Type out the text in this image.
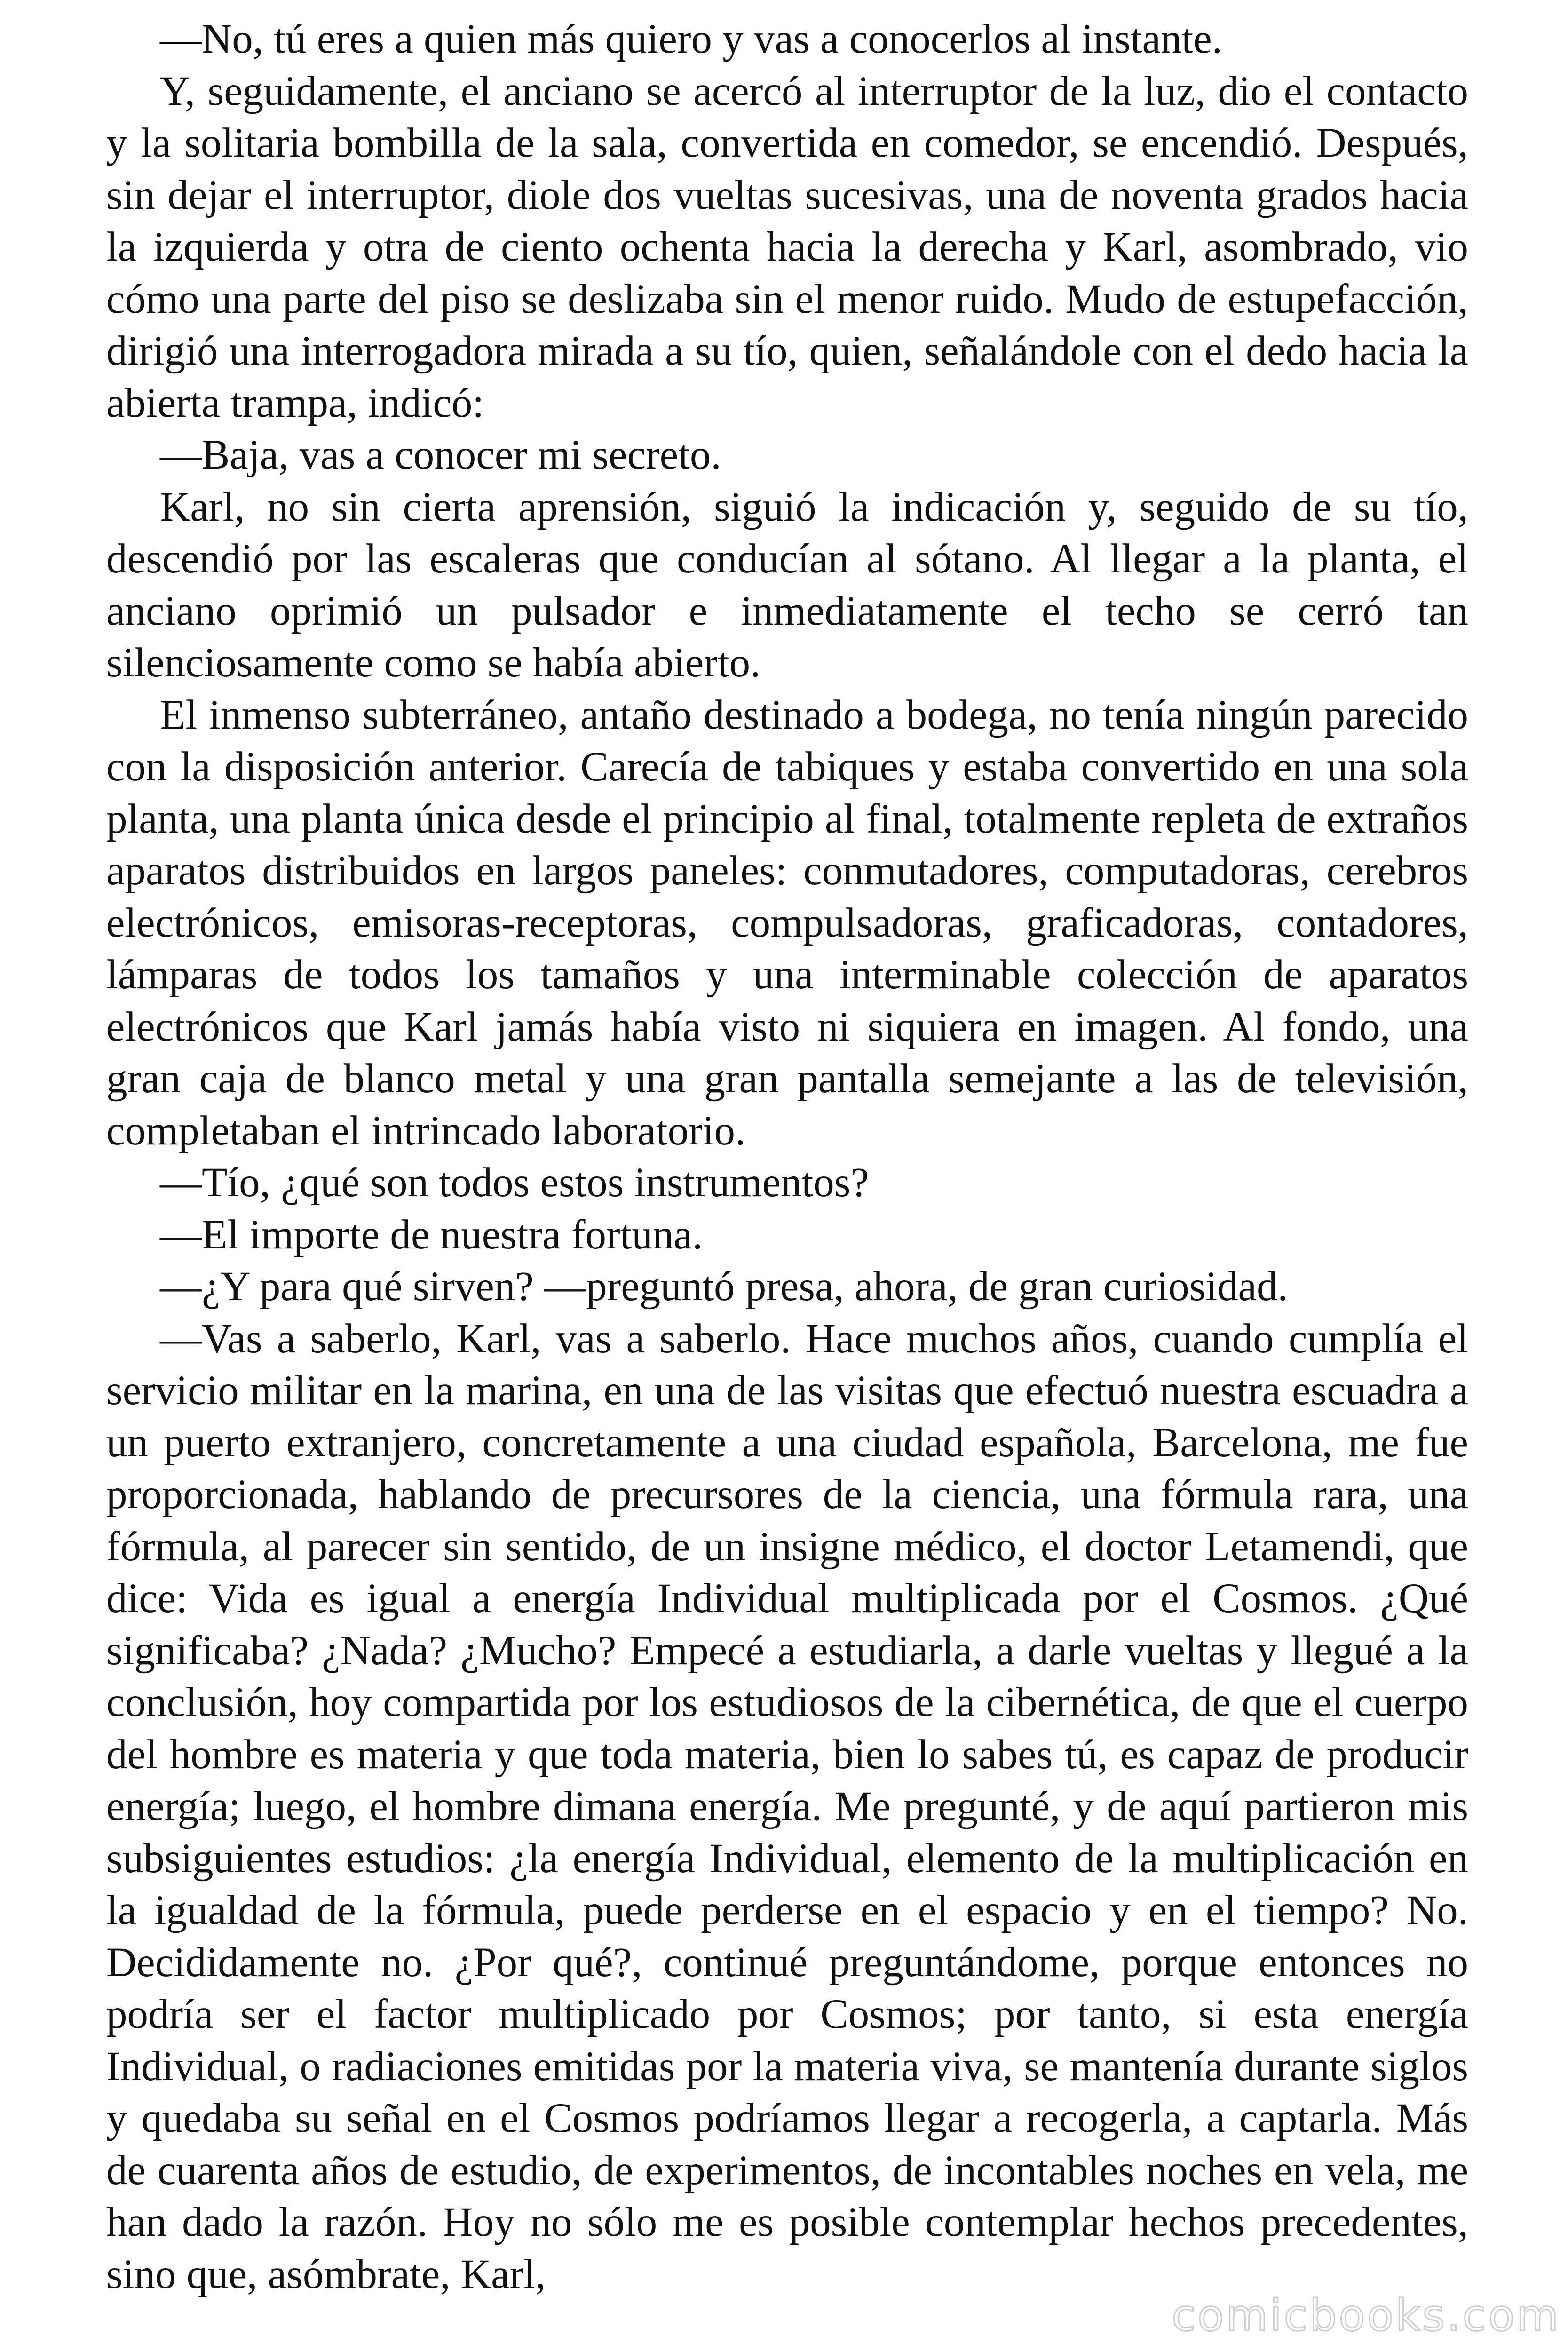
—No, tú eres a quien más quiero y vas a conocerlos al instante.

Y, seguidamente, el anciano se acercó al interruptor de la luz, dio el contacto y la solitaria bombilla de la sala, convertida en comedor, se encendió. Después, sin dejar el interruptor, diole dos vueltas sucesivas, una de noventa grados hacia la izquierda y otra de ciento ochenta hacia la derecha y Karl, asombrado, vio cómo una parte del piso se deslizaba sin el menor ruido. Mudo de estupefacción, dirigió una interrogadora mirada a su tío, quien, señalándole con el dedo hacia la abierta trampa, indicó:

—Baja, vas a conocer mi secreto.

Karl, no sin cierta aprensión, siguió la indicación y, seguido de su tío, descendió por las escaleras que conducían al sótano. Al llegar a la planta, el anciano oprimió un pulsador e inmediatamente el techo se cerró tan silenciosamente como se había abierto.

El inmenso subterráneo, antaño destinado a bodega, no tenía ningún parecido con la disposición anterior. Carecía de tabiques y estaba convertido en una sola planta, una planta única desde el principio al final, totalmente repleta de extraños aparatos distribuidos en largos paneles: conmutadores, computadoras, cerebros electrónicos, emisoras-receptoras, compulsadoras, graficadoras, contadores, lámparas de todos los tamaños y una interminable colección de aparatos electrónicos que Karl jamás había visto ni siquiera en imagen. Al fondo, una gran caja de blanco metal y una gran pantalla semejante a las de televisión, completaban el intrincado laboratorio.

—Tío, ¿qué son todos estos instrumentos?

—El importe de nuestra fortuna.

—¿Y para qué sirven? —preguntó presa, ahora, de gran curiosidad.

—Vas a saberlo, Karl, vas a saberlo. Hace muchos años, cuando cumplía el servicio militar en la marina, en una de las visitas que efectuó nuestra escuadra a un puerto extranjero, concretamente a una ciudad española, Barcelona, me fue proporcionada, hablando de precursores de la ciencia, una fórmula rara, una fórmula, al parecer sin sentido, de un insigne médico, el doctor Letamendi, que dice: Vida es igual a energía Individual multiplicada por el Cosmos. ¿Qué significaba? ¿Nada? ¿Mucho? Empecé a estudiarla, a darle vueltas y llegué a la conclusión, hoy compartida por los estudiosos de la cibernética, de que el cuerpo del hombre es materia y que toda materia, bien lo sabes tú, es capaz de producir energía; luego, el hombre dimana energía. Me pregunté, y de aquí partieron mis subsiguientes estudios: ¿la energía Individual, elemento de la multiplicación en la igualdad de la fórmula, puede perderse en el espacio y en el tiempo? No. Decididamente no. ¿Por qué?, continué preguntándome, porque entonces no podría ser el factor multiplicado por Cosmos; por tanto, si esta energía Individual, o radiaciones emitidas por la materia viva, se mantenía durante siglos y quedaba su señal en el Cosmos podríamos llegar a recogerla, a captarla. Más de cuarenta años de estudio, de experimentos, de incontables noches en vela, me han dado la razón. Hoy no sólo me es posible contemplar hechos precedentes, sino que, asómbrate, Karl,

comicbooks.com
